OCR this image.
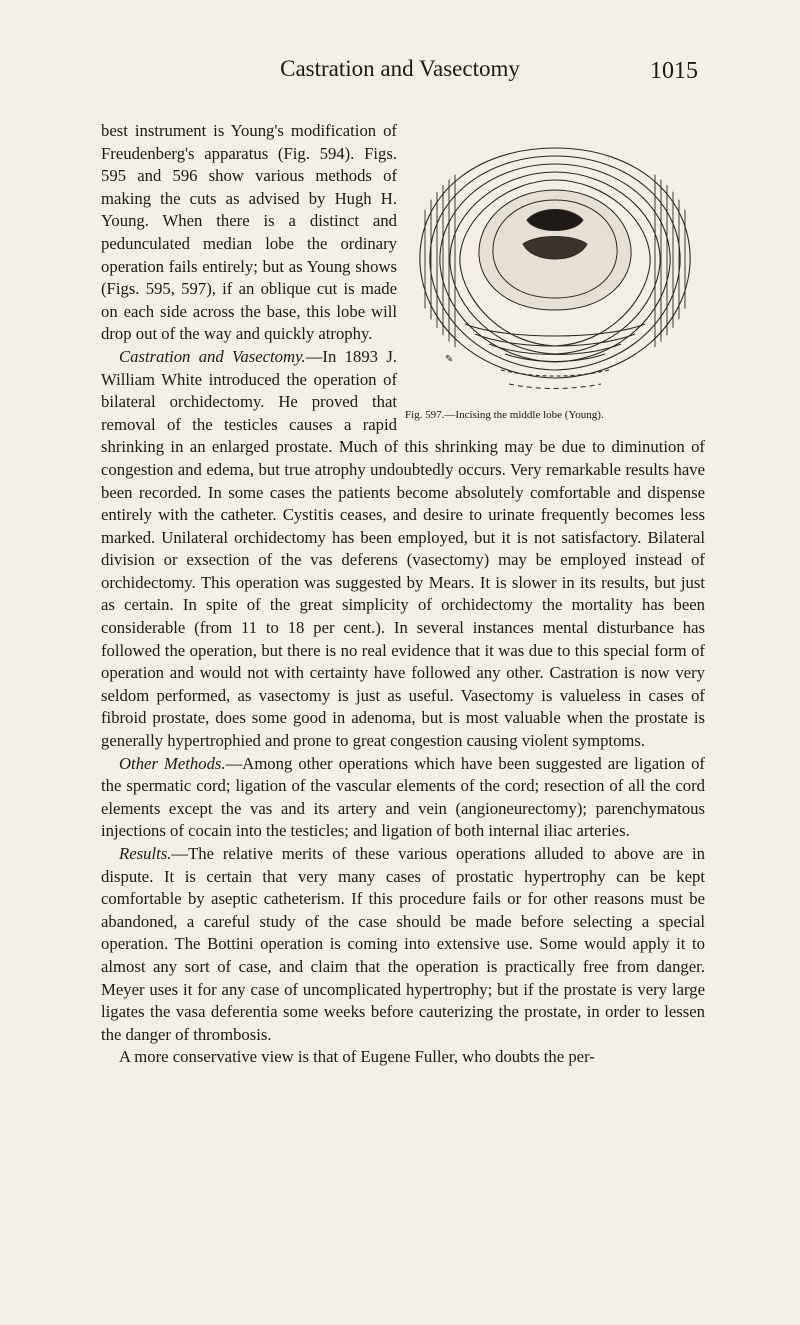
Castration and Vasectomy	1015

✎
Fig. 597.—Incising the middle lobe (Young).
best instrument is Young's modification of Freudenberg's apparatus (Fig. 594). Figs. 595 and 596 show various methods of making the cuts as advised by Hugh H. Young. When there is a distinct and pedunculated median lobe the ordinary operation fails entirely; but as Young shows (Figs. 595, 597), if an oblique cut is made on each side across the base, this lobe will drop out of the way and quickly atrophy.

Castration and Vasectomy.—In 1893 J. William White introduced the operation of bilateral orchidectomy. He proved that removal of the testicles causes a rapid shrinking in an enlarged prostate. Much of this shrinking may be due to diminution of congestion and edema, but true atrophy undoubtedly occurs. Very remarkable results have been recorded. In some cases the patients become absolutely comfortable and dispense entirely with the catheter. Cystitis ceases, and desire to urinate frequently becomes less marked. Unilateral orchidectomy has been employed, but it is not satisfactory. Bilateral division or exsection of the vas deferens (vasectomy) may be employed instead of orchidectomy. This operation was suggested by Mears. It is slower in its results, but just as certain. In spite of the great simplicity of orchidectomy the mortality has been considerable (from 11 to 18 per cent.). In several instances mental disturbance has followed the operation, but there is no real evidence that it was due to this special form of operation and would not with certainty have followed any other. Castration is now very seldom performed, as vasectomy is just as useful. Vasectomy is valueless in cases of fibroid prostate, does some good in adenoma, but is most valuable when the prostate is generally hypertrophied and prone to great congestion causing violent symptoms.

Other Methods.—Among other operations which have been suggested are ligation of the spermatic cord; ligation of the vascular elements of the cord; resection of all the cord elements except the vas and its artery and vein (angioneurectomy); parenchymatous injections of cocain into the testicles; and ligation of both internal iliac arteries.

Results.—The relative merits of these various operations alluded to above are in dispute. It is certain that very many cases of prostatic hypertrophy can be kept comfortable by aseptic catheterism. If this procedure fails or for other reasons must be abandoned, a careful study of the case should be made before selecting a special operation. The Bottini operation is coming into extensive use. Some would apply it to almost any sort of case, and claim that the operation is practically free from danger. Meyer uses it for any case of uncomplicated hypertrophy; but if the prostate is very large ligates the vasa deferentia some weeks before cauterizing the prostate, in order to lessen the danger of thrombosis.

A more conservative view is that of Eugene Fuller, who doubts the per-
